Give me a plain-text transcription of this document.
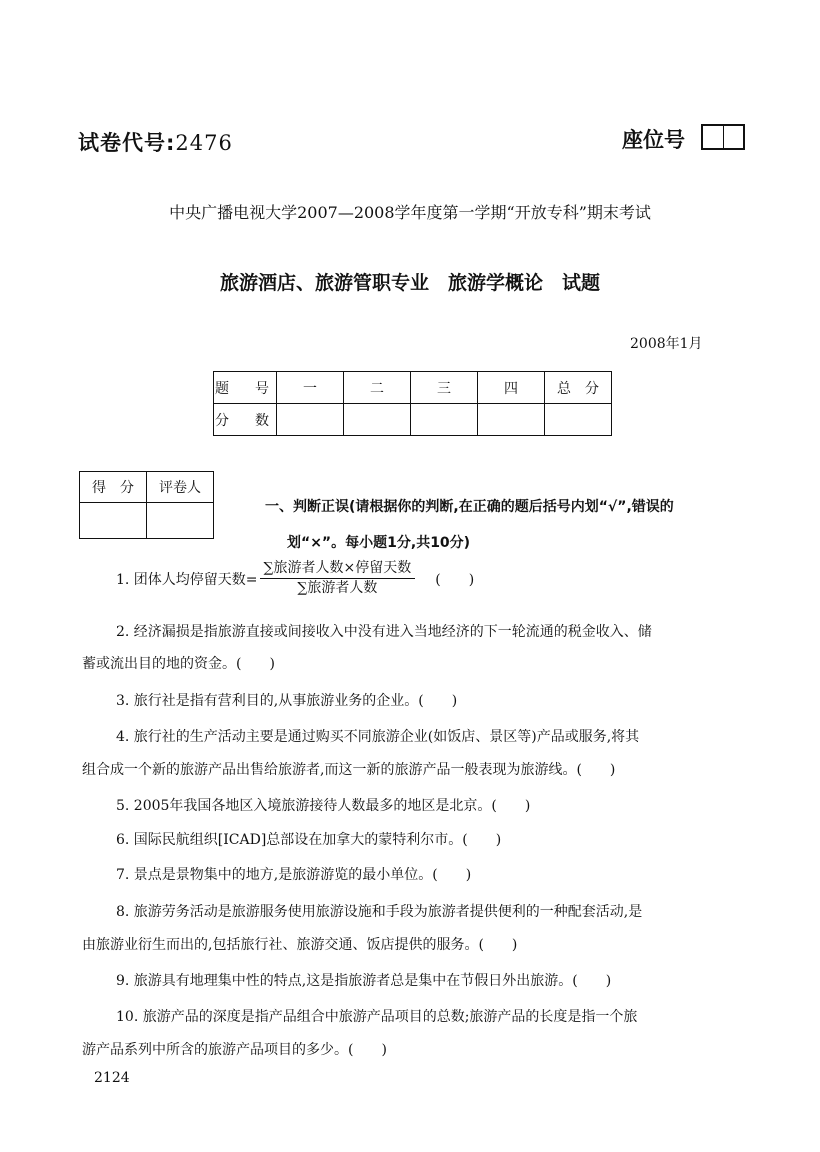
试卷代号:2476	座位号
中央广播电视大学2007—2008学年度第一学期“开放专科”期末考试
旅游酒店、旅游管职专业　旅游学概论　试题
2008年1月
题　号	一	二	三	四	总　分
分　数					
得　分	评卷人

一、判断正误(请根据你的判断,在正确的题后括号内划“√”,错误的
划“×”。每小题1分,共10分)
1. 团体人均停留天数= $\frac{\text{∑旅游者人数×停留天数}}{\text{∑旅游者人数}}$ (　　)
2. 经济漏损是指旅游直接或间接收入中没有进入当地经济的下一轮流通的税金收入、储
蓄或流出目的地的资金。(　　)
3. 旅行社是指有营利目的,从事旅游业务的企业。(　　)
4. 旅行社的生产活动主要是通过购买不同旅游企业(如饭店、景区等)产品或服务,将其
组合成一个新的旅游产品出售给旅游者,而这一新的旅游产品一般表现为旅游线。(　　)
5. 2005年我国各地区入境旅游接待人数最多的地区是北京。(　　)
6. 国际民航组织[ICAD]总部设在加拿大的蒙特利尔市。(　　)
7. 景点是景物集中的地方,是旅游游览的最小单位。(　　)
8. 旅游劳务活动是旅游服务使用旅游设施和手段为旅游者提供便利的一种配套活动,是
由旅游业衍生而出的,包括旅行社、旅游交通、饭店提供的服务。(　　)
9. 旅游具有地理集中性的特点,这是指旅游者总是集中在节假日外出旅游。(　　)
10. 旅游产品的深度是指产品组合中旅游产品项目的总数;旅游产品的长度是指一个旅
游产品系列中所含的旅游产品项目的多少。(　　)
2124
